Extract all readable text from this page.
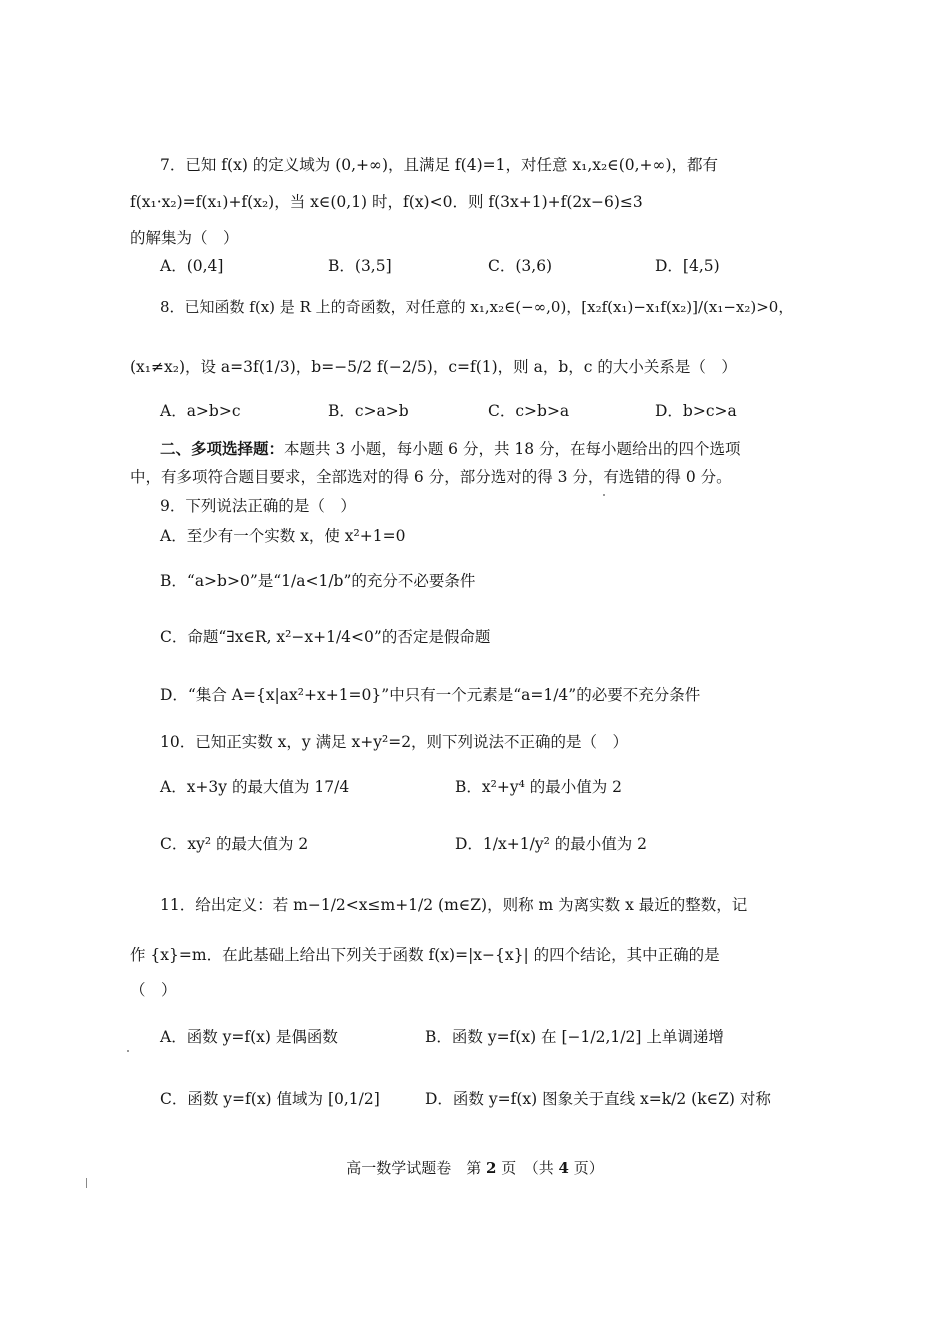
7．已知 f(x) 的定义域为 (0,+∞)，且满足 f(4)=1，对任意 x₁,x₂∈(0,+∞)，都有
f(x₁·x₂)=f(x₁)+f(x₂)，当 x∈(0,1) 时，f(x)<0．则 f(3x+1)+f(2x−6)≤3
的解集为（　）
A．(0,4]	B．(3,5]	C．(3,6)	D．[4,5)
8．已知函数 f(x) 是 R 上的奇函数，对任意的 x₁,x₂∈(−∞,0)，[x₂f(x₁)−x₁f(x₂)]/(x₁−x₂)>0，
(x₁≠x₂)，设 a=3f(1/3)，b=−5/2 f(−2/5)，c=f(1)，则 a，b，c 的大小关系是（　）
A．a>b>c	B．c>a>b	C．c>b>a	D．b>c>a
二、多项选择题：本题共 3 小题，每小题 6 分，共 18 分，在每小题给出的四个选项
中，有多项符合题目要求，全部选对的得 6 分，部分选对的得 3 分，有选错的得 0 分。
9．下列说法正确的是（　）
A．至少有一个实数 x，使 x²+1=0
B．“a>b>0”是“1/a<1/b”的充分不必要条件
C．命题“∃x∈R, x²−x+1/4<0”的否定是假命题
D．“集合 A={x|ax²+x+1=0}”中只有一个元素是“a=1/4”的必要不充分条件
10．已知正实数 x，y 满足 x+y²=2，则下列说法不正确的是（　）
A．x+3y 的最大值为 17/4	B．x²+y⁴ 的最小值为 2
C．xy² 的最大值为 2	D．1/x+1/y² 的最小值为 2
11．给出定义：若 m−1/2<x≤m+1/2 (m∈Z)，则称 m 为离实数 x 最近的整数，记
作 {x}=m．在此基础上给出下列关于函数 f(x)=|x−{x}| 的四个结论，其中正确的是
（　）
A．函数 y=f(x) 是偶函数	B．函数 y=f(x) 在 [−1/2,1/2] 上单调递增
C．函数 y=f(x) 值域为 [0,1/2]	D．函数 y=f(x) 图象关于直线 x=k/2 (k∈Z) 对称
高一数学试题卷　第 2 页　（共 4 页）
